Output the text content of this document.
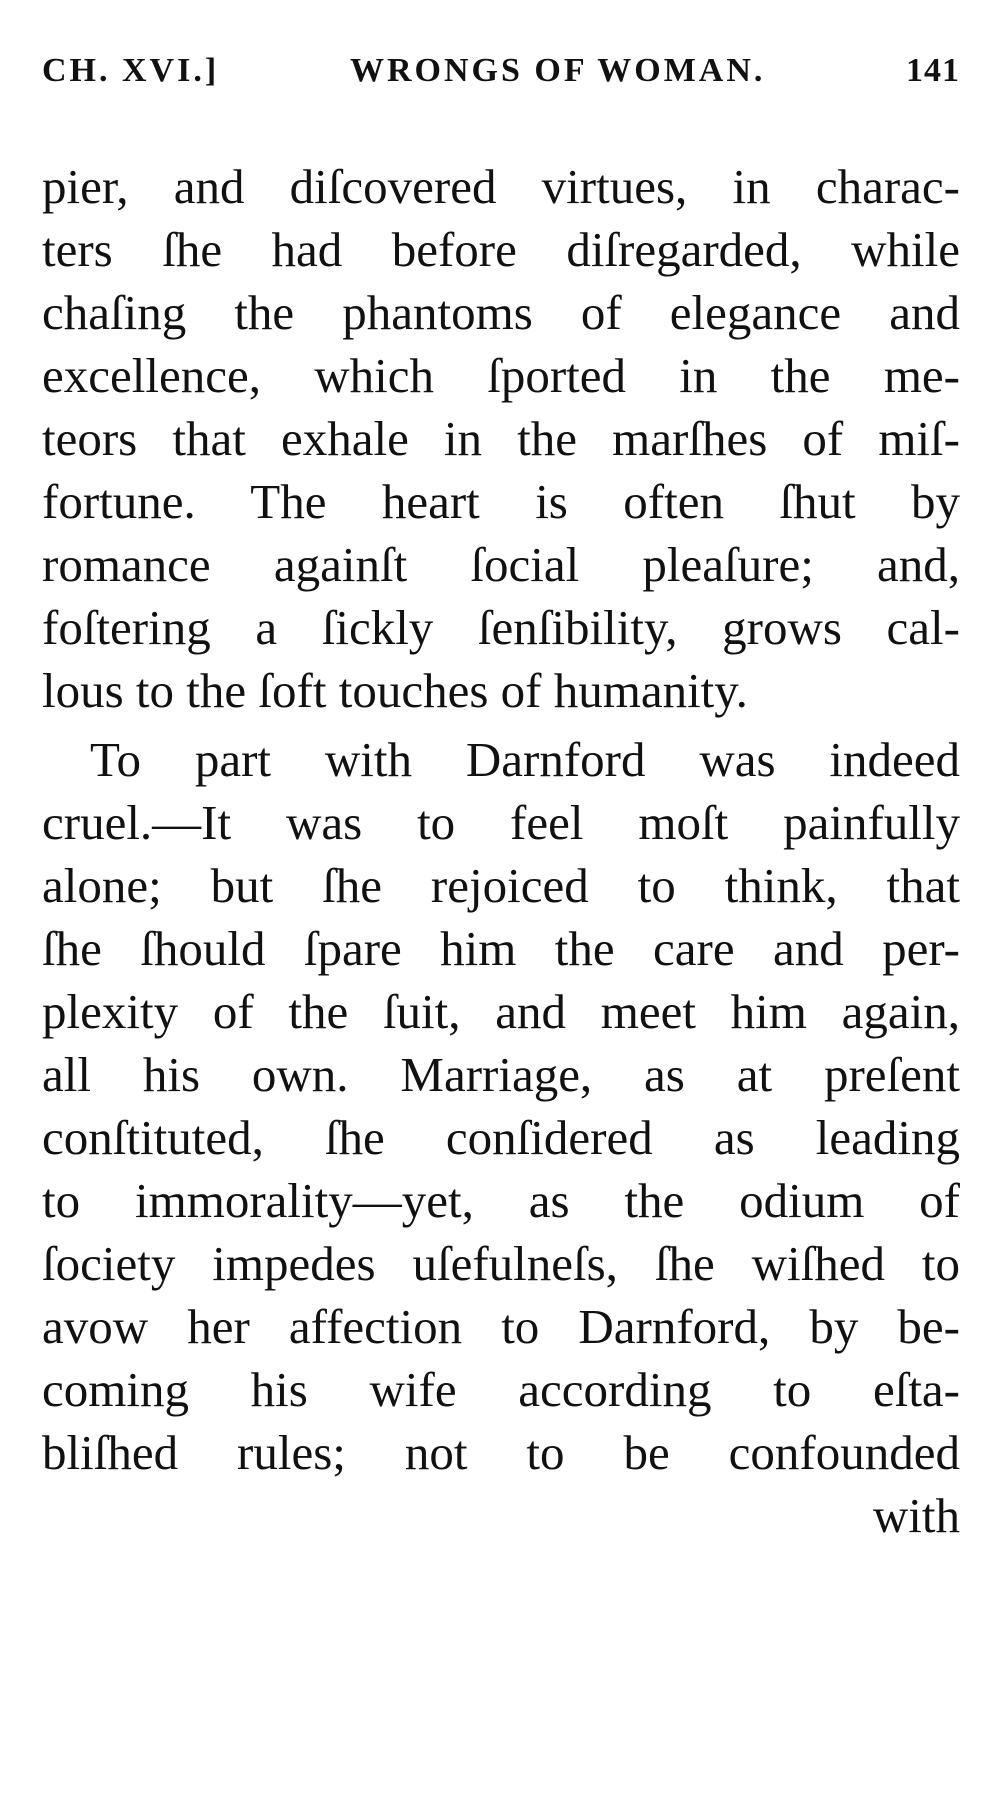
CH. XVI.]	WRONGS OF WOMAN.	141
pier, and diſcovered virtues, in charac-
ters ſhe had before diſregarded, while
chaſing the phantoms of elegance and
excellence, which ſported in the me-
teors that exhale in the marſhes of miſ-
fortune. The heart is often ſhut by
romance againſt ſocial pleaſure; and,
foſtering a ſickly ſenſibility, grows cal-
lous to the ſoft touches of humanity.
To part with Darnford was indeed
cruel.—It was to feel moſt painfully
alone; but ſhe rejoiced to think, that
ſhe ſhould ſpare him the care and per-
plexity of the ſuit, and meet him again,
all his own. Marriage, as at preſent
conſtituted, ſhe conſidered as leading
to immorality—yet, as the odium of
ſociety impedes uſefulneſs, ſhe wiſhed to
avow her affection to Darnford, by be-
coming his wife according to eſta-
bliſhed rules; not to be confounded
with
